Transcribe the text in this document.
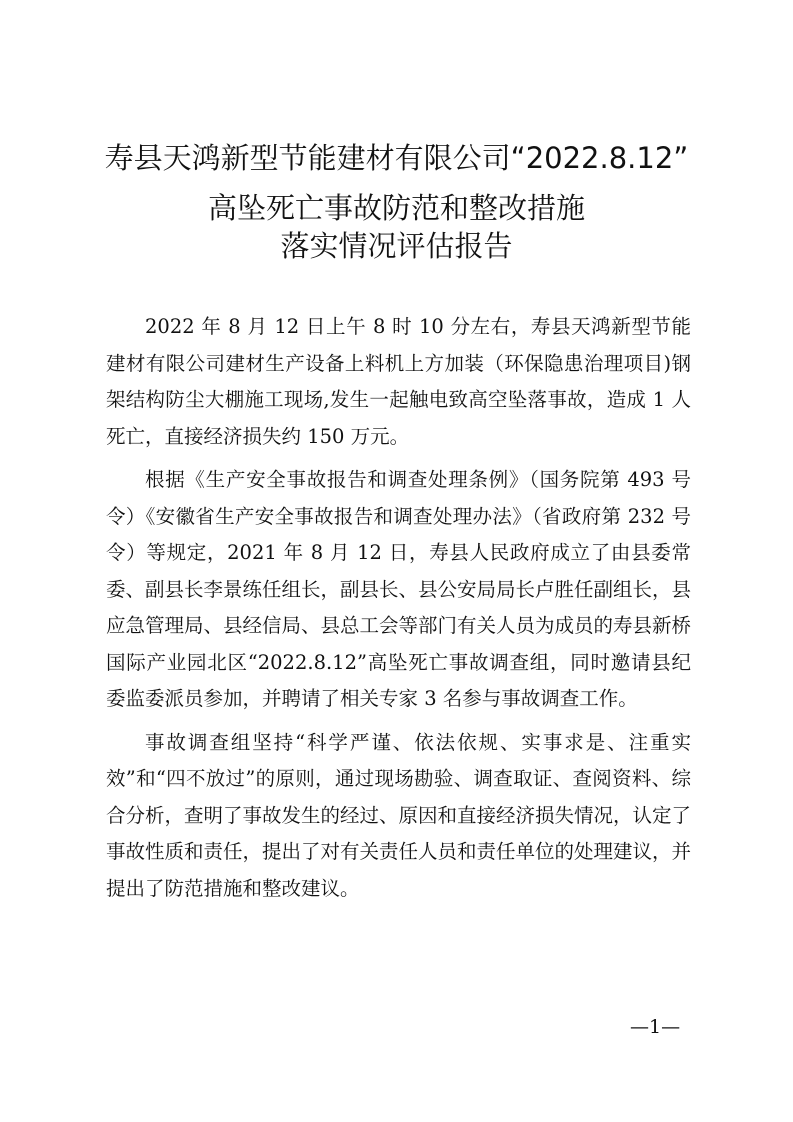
寿县天鸿新型节能建材有限公司“2022.8.12”
高坠死亡事故防范和整改措施
落实情况评估报告

2022 年 8 月 12 日上午 8 时 10 分左右，寿县天鸿新型节能建材有限公司建材生产设备上料机上方加装（环保隐患治理项目)钢架结构防尘大棚施工现场,发生一起触电致高空坠落事故，造成 1 人死亡，直接经济损失约 150 万元。

根据《生产安全事故报告和调查处理条例》（国务院第 493 号令）《安徽省生产安全事故报告和调查处理办法》（省政府第 232 号令）等规定，2021 年 8 月 12 日，寿县人民政府成立了由县委常委、副县长李景练任组长，副县长、县公安局局长卢胜任副组长，县应急管理局、县经信局、县总工会等部门有关人员为成员的寿县新桥国际产业园北区“2022.8.12”高坠死亡事故调查组，同时邀请县纪委监委派员参加，并聘请了相关专家 3 名参与事故调查工作。

事故调查组坚持“科学严谨、依法依规、实事求是、注重实效”和“四不放过”的原则，通过现场勘验、调查取证、查阅资料、综合分析，查明了事故发生的经过、原因和直接经济损失情况，认定了事故性质和责任，提出了对有关责任人员和责任单位的处理建议，并提出了防范措施和整改建议。

—1—
